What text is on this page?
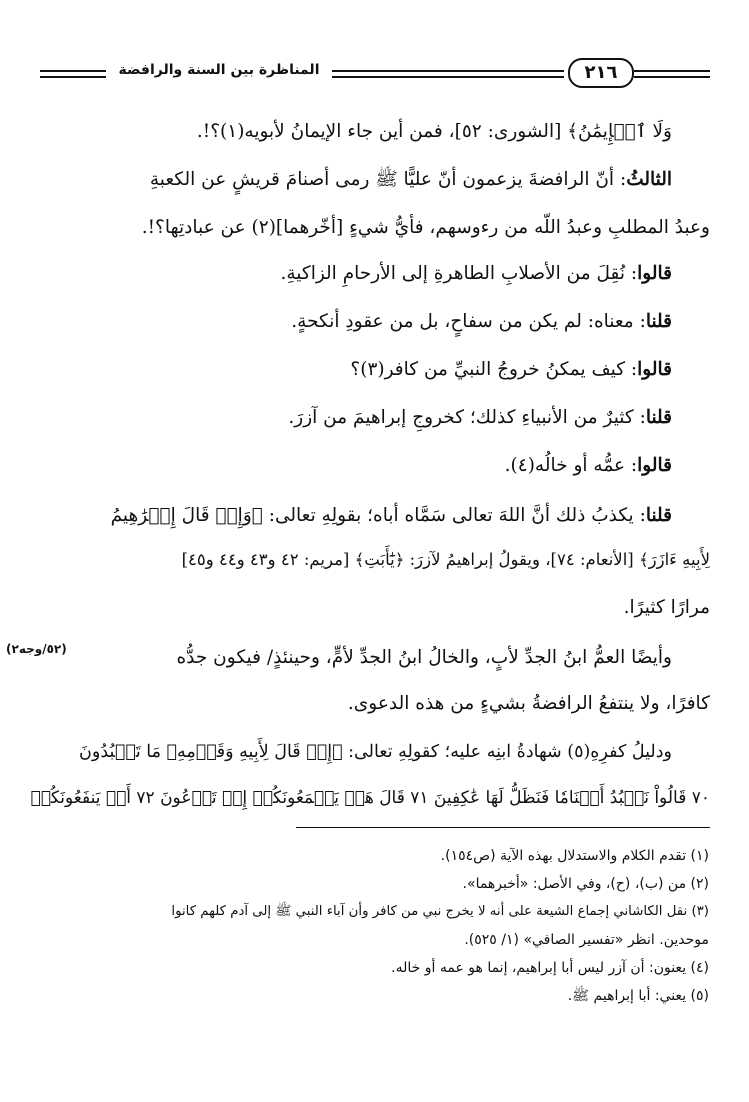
٢١٦
المناظرة بين السنة والرافضة
وَلَا ٱلۡإِيمَٰنُ﴾ [الشورى: ٥٢]، فمن أين جاء الإيمانُ لأبويه(١)؟!.
الثالثُ: أنّ الرافضةَ يزعمون أنّ عليًّا ﷺ رمى أصنامَ قريشٍ عن الكعبةِ
وعبدُ المطلبِ وعبدُ اللّه من رءوسهم، فأيُّ شيءٍ [أخّرهما](٢) عن عبادتِها؟!.
قالوا: نُقِلَ من الأصلابِ الطاهرةِ إلى الأرحامِ الزاكيةِ.
قلنا: معناه: لم يكن من سفاحٍ، بل من عقودِ أنكحةٍ.
قالوا: كيف يمكنُ خروجُ النبيِّ من كافر(٣)؟
قلنا: كثيرٌ من الأنبياءِ كذلك؛ كخروجِ إبراهيمَ من آزرَ.
قالوا: عمُّه أو خالُه(٤).
قلنا: يكذبُ ذلك أنَّ اللهَ تعالى سَمَّاه أباه؛ بقولِهِ تعالى: ﴿وَإِذۡ قَالَ إِبۡرَٰهِيمُ
لِأَبِيهِ ءَازَرَ﴾ [الأنعام: ٧٤]، ويقولُ إبراهيمُ لآزرَ: ﴿يَٰٓأَبَتِ﴾ [مريم: ٤٢ و٤٣ و٤٤ و٤٥]
مرارًا كثيرًا.
وأيضًا العمُّ ابنُ الجدِّ لأبٍ، والخالُ ابنُ الجدِّ لأمٍّ، وحينئذٍ/ فيكون جدُّه
كافرًا، ولا ينتفعُ الرافضةُ بشيءٍ من هذه الدعوى.
ودليلُ كفرِهِ(٥) شهادةُ ابنِه عليه؛ كقولِهِ تعالى: ﴿إِذۡ قَالَ لِأَبِيهِ وَقَوۡمِهِۦ مَا تَعۡبُدُونَ
٧٠ قَالُواْ نَعۡبُدُ أَصۡنَامٗا فَنَظَلُّ لَهَا عَٰكِفِينَ ٧١ قَالَ هَلۡ يَسۡمَعُونَكُمۡ إِذۡ تَدۡعُونَ ٧٢ أَوۡ يَنفَعُونَكُمۡ
(٥٢/وجه٢)
(١) تقدم الكلام والاستدلال بهذه الآية (ص١٥٤).
(٢) من (ب)، (ح)، وفي الأصل: «أخبرهما».
(٣) نقل الكاشاني إجماع الشيعة على أنه لا يخرج نبي من كافر وأن آباء النبي ﷺ إلى آدم كلهم كانوا
موحدين. انظر «تفسير الصافي» (١/ ٥٢٥).
(٤) يعنون: أن آزر ليس أبا إبراهيم، إنما هو عمه أو خاله.
(٥) يعني: أبا إبراهيم ﷺ.
